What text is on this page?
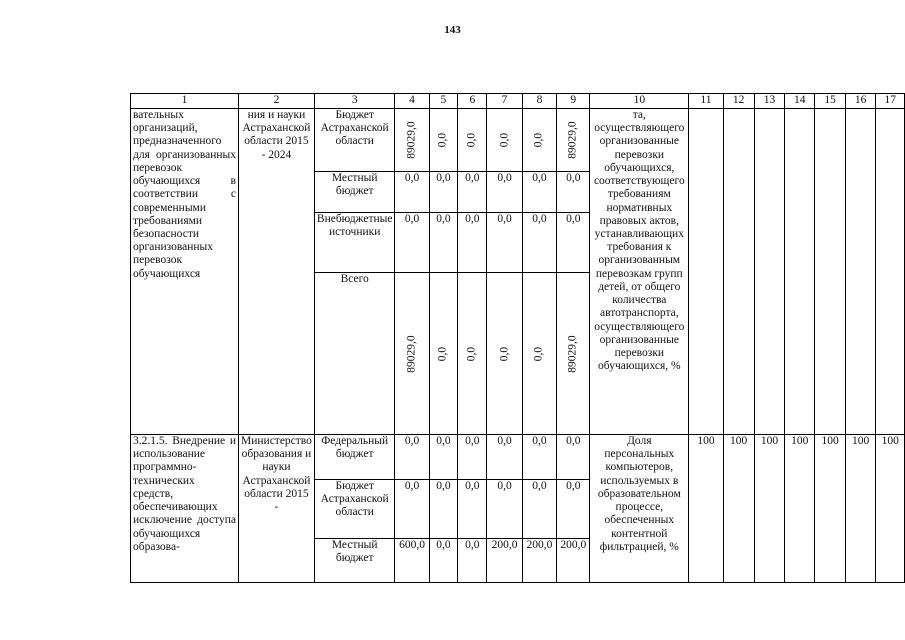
143
1	2	3	4	5	6	7	8	9	10	11	12	13	14	15	16	17
вательных организаций, предназначенного для организованных перевозок обучающихся в соответствии с современными требованиями безопасности организованных перевозок обучающихся	ния и науки Астраханской области 2015 - 2024	Бюджет Астраханской области	89029,0	0,0	0,0	0,0	0,0	89029,0	та, осуществляющего организованные перевозки обучающихся, соответствующего требованиям нормативных правовых актов, устанавливающих требования к организованным перевозкам групп детей, от общего количества автотранспорта, осуществляющего организованные перевозки обучающихся, %							
		Местный бюджет	0,0	0,0	0,0	0,0	0,0	0,0								
		Внебюджетные источники	0,0	0,0	0,0	0,0	0,0	0,0								
		Всего	89029,0	0,0	0,0	0,0	0,0	89029,0								

3.2.1.5. Внедрение и использование программно-технических средств, обеспечивающих исключение доступа обучающихся образова-	Министерство образования и науки Астраханской области 2015 -	Федеральный бюджет	0,0	0,0	0,0	0,0	0,0	0,0	Доля персональных компьютеров, используемых в образовательном процессе, обеспеченных контентной фильтрацией, %	100	100	100	100	100	100	100
		Бюджет Астраханской области	0,0	0,0	0,0	0,0	0,0	0,0								
		Местный бюджет	600,0	0,0	0,0	200,0	200,0	200,0								
